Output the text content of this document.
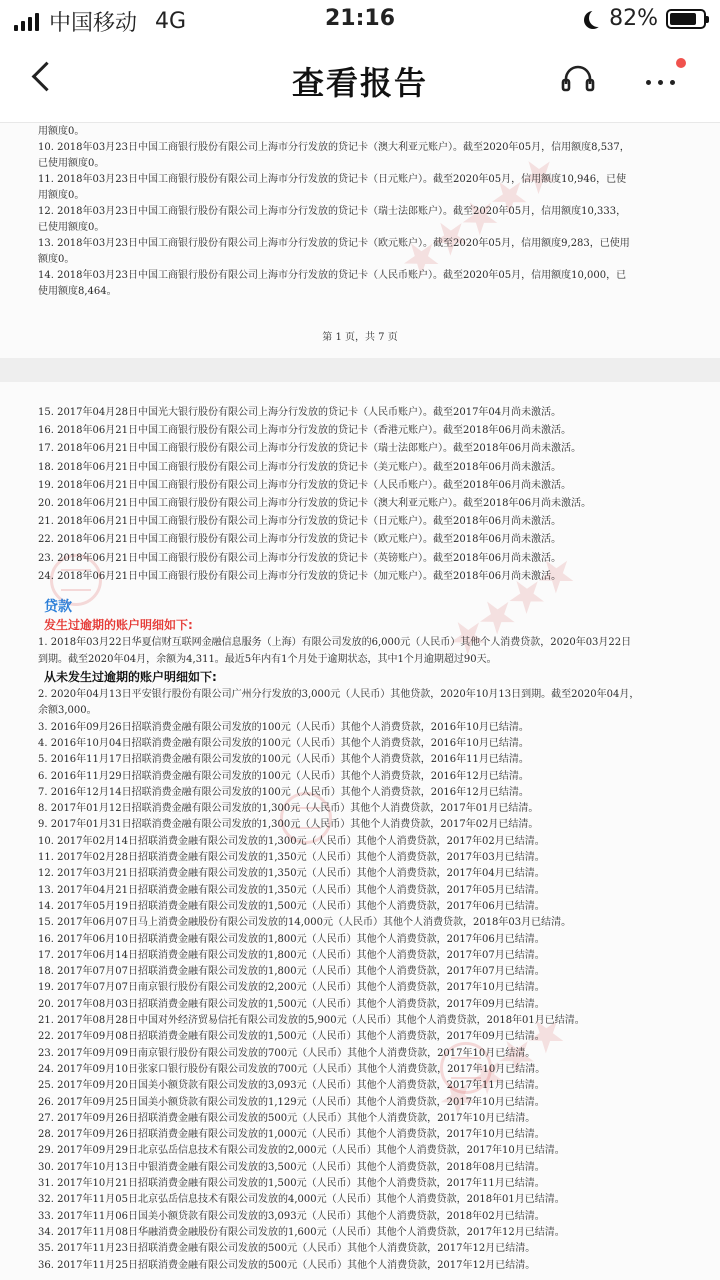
中国移动 4G	21:16	82%
查看报告
★★★★★
用额度0。
10. 2018年03月23日中国工商银行股份有限公司上海市分行发放的贷记卡（澳大利亚元账户）。截至2020年05月，信用额度8,537，
已使用额度0。
11. 2018年03月23日中国工商银行股份有限公司上海市分行发放的贷记卡（日元账户）。截至2020年05月，信用额度10,946，已使
用额度0。
12. 2018年03月23日中国工商银行股份有限公司上海市分行发放的贷记卡（瑞士法郎账户）。截至2020年05月，信用额度10,333，
已使用额度0。
13. 2018年03月23日中国工商银行股份有限公司上海市分行发放的贷记卡（欧元账户）。截至2020年05月，信用额度9,283，已使用
额度0。
14. 2018年03月23日中国工商银行股份有限公司上海市分行发放的贷记卡（人民币账户）。截至2020年05月，信用额度10,000，已
使用额度8,464。
第 1 页，共 7 页
★★★★
★★★★
15. 2017年04月28日中国光大银行股份有限公司上海分行发放的贷记卡（人民币账户）。截至2017年04月尚未激活。
16. 2018年06月21日中国工商银行股份有限公司上海市分行发放的贷记卡（香港元账户）。截至2018年06月尚未激活。
17. 2018年06月21日中国工商银行股份有限公司上海市分行发放的贷记卡（瑞士法郎账户）。截至2018年06月尚未激活。
18. 2018年06月21日中国工商银行股份有限公司上海市分行发放的贷记卡（美元账户）。截至2018年06月尚未激活。
19. 2018年06月21日中国工商银行股份有限公司上海市分行发放的贷记卡（人民币账户）。截至2018年06月尚未激活。
20. 2018年06月21日中国工商银行股份有限公司上海市分行发放的贷记卡（澳大利亚元账户）。截至2018年06月尚未激活。
21. 2018年06月21日中国工商银行股份有限公司上海市分行发放的贷记卡（日元账户）。截至2018年06月尚未激活。
22. 2018年06月21日中国工商银行股份有限公司上海市分行发放的贷记卡（欧元账户）。截至2018年06月尚未激活。
23. 2018年06月21日中国工商银行股份有限公司上海市分行发放的贷记卡（英镑账户）。截至2018年06月尚未激活。
24. 2018年06月21日中国工商银行股份有限公司上海市分行发放的贷记卡（加元账户）。截至2018年06月尚未激活。
贷款
发生过逾期的账户明细如下:
1. 2018年03月22日华夏信财互联网金融信息服务（上海）有限公司发放的6,000元（人民币）其他个人消费贷款，2020年03月22日
到期。截至2020年04月，余额为4,311。最近5年内有1个月处于逾期状态，其中1个月逾期超过90天。
从未发生过逾期的账户明细如下:
2. 2020年04月13日平安银行股份有限公司广州分行发放的3,000元（人民币）其他贷款，2020年10月13日到期。截至2020年04月，
余额3,000。
3. 2016年09月26日招联消费金融有限公司发放的100元（人民币）其他个人消费贷款，2016年10月已结清。
4. 2016年10月04日招联消费金融有限公司发放的100元（人民币）其他个人消费贷款，2016年10月已结清。
5. 2016年11月17日招联消费金融有限公司发放的100元（人民币）其他个人消费贷款，2016年11月已结清。
6. 2016年11月29日招联消费金融有限公司发放的100元（人民币）其他个人消费贷款，2016年12月已结清。
7. 2016年12月14日招联消费金融有限公司发放的100元（人民币）其他个人消费贷款，2016年12月已结清。
8. 2017年01月12日招联消费金融有限公司发放的1,300元（人民币）其他个人消费贷款，2017年01月已结清。
9. 2017年01月31日招联消费金融有限公司发放的1,300元（人民币）其他个人消费贷款，2017年02月已结清。
10. 2017年02月14日招联消费金融有限公司发放的1,300元（人民币）其他个人消费贷款，2017年02月已结清。
11. 2017年02月28日招联消费金融有限公司发放的1,350元（人民币）其他个人消费贷款，2017年03月已结清。
12. 2017年03月21日招联消费金融有限公司发放的1,350元（人民币）其他个人消费贷款，2017年04月已结清。
13. 2017年04月21日招联消费金融有限公司发放的1,350元（人民币）其他个人消费贷款，2017年05月已结清。
14. 2017年05月19日招联消费金融有限公司发放的1,500元（人民币）其他个人消费贷款，2017年06月已结清。
15. 2017年06月07日马上消费金融股份有限公司发放的14,000元（人民币）其他个人消费贷款，2018年03月已结清。
16. 2017年06月10日招联消费金融有限公司发放的1,800元（人民币）其他个人消费贷款，2017年06月已结清。
17. 2017年06月14日招联消费金融有限公司发放的1,800元（人民币）其他个人消费贷款，2017年07月已结清。
18. 2017年07月07日招联消费金融有限公司发放的1,800元（人民币）其他个人消费贷款，2017年07月已结清。
19. 2017年07月07日南京银行股份有限公司发放的2,200元（人民币）其他个人消费贷款，2017年10月已结清。
20. 2017年08月03日招联消费金融有限公司发放的1,500元（人民币）其他个人消费贷款，2017年09月已结清。
21. 2017年08月28日中国对外经济贸易信托有限公司发放的5,900元（人民币）其他个人消费贷款，2018年01月已结清。
22. 2017年09月08日招联消费金融有限公司发放的1,500元（人民币）其他个人消费贷款，2017年09月已结清。
23. 2017年09月09日南京银行股份有限公司发放的700元（人民币）其他个人消费贷款，2017年10月已结清。
24. 2017年09月10日张家口银行股份有限公司发放的700元（人民币）其他个人消费贷款，2017年10月已结清。
25. 2017年09月20日国美小额贷款有限公司发放的3,093元（人民币）其他个人消费贷款，2017年11月已结清。
26. 2017年09月25日国美小额贷款有限公司发放的1,129元（人民币）其他个人消费贷款，2017年10月已结清。
27. 2017年09月26日招联消费金融有限公司发放的500元（人民币）其他个人消费贷款，2017年10月已结清。
28. 2017年09月26日招联消费金融有限公司发放的1,000元（人民币）其他个人消费贷款，2017年10月已结清。
29. 2017年09月29日北京弘岳信息技术有限公司发放的2,000元（人民币）其他个人消费贷款，2017年10月已结清。
30. 2017年10月13日中银消费金融有限公司发放的3,500元（人民币）其他个人消费贷款，2018年08月已结清。
31. 2017年10月21日招联消费金融有限公司发放的1,500元（人民币）其他个人消费贷款，2017年11月已结清。
32. 2017年11月05日北京弘岳信息技术有限公司发放的4,000元（人民币）其他个人消费贷款，2018年01月已结清。
33. 2017年11月06日国美小额贷款有限公司发放的3,093元（人民币）其他个人消费贷款，2018年02月已结清。
34. 2017年11月08日华融消费金融股份有限公司发放的1,600元（人民币）其他个人消费贷款，2017年12月已结清。
35. 2017年11月23日招联消费金融有限公司发放的500元（人民币）其他个人消费贷款，2017年12月已结清。
36. 2017年11月25日招联消费金融有限公司发放的500元（人民币）其他个人消费贷款，2017年12月已结清。
